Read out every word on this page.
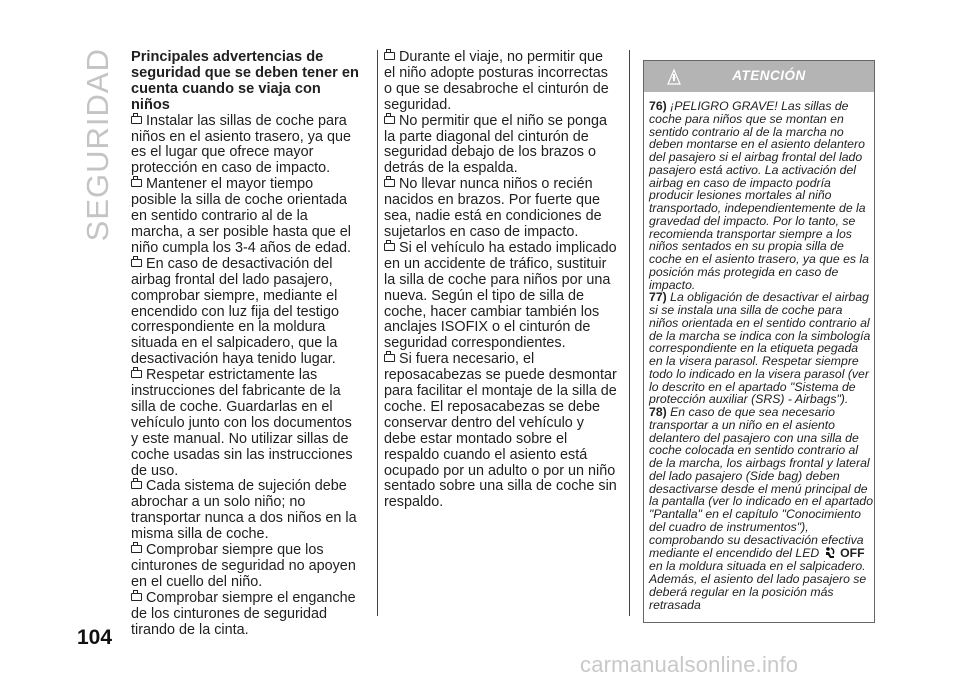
SEGURIDAD Principales advertencias de seguridad que se deben tener en cuenta cuando se viaja con niños

Instalar las sillas de coche para niños en el asiento trasero, ya que es el lugar que ofrece mayor protección en caso de impacto.

Mantener el mayor tiempo posible la silla de coche orientada en sentido contrario al de la marcha, a ser posible hasta que el niño cumpla los 3-4 años de edad.

En caso de desactivación del airbag frontal del lado pasajero, comprobar siempre, mediante el encendido con luz fija del testigo correspondiente en la moldura situada en el salpicadero, que la desactivación haya tenido lugar.

Respetar estrictamente las instrucciones del fabricante de la silla de coche. Guardarlas en el vehículo junto con los documentos y este manual. No utilizar sillas de coche usadas sin las instrucciones de uso.

Cada sistema de sujeción debe abrochar a un solo niño; no transportar nunca a dos niños en la misma silla de coche.

Comprobar siempre que los cinturones de seguridad no apoyen en el cuello del niño.

Comprobar siempre el enganche de los cinturones de seguridad tirando de la cinta.

Durante el viaje, no permitir que el niño adopte posturas incorrectas o que se desabroche el cinturón de seguridad.

No permitir que el niño se ponga la parte diagonal del cinturón de seguridad debajo de los brazos o detrás de la espalda.

No llevar nunca niños o recién nacidos en brazos. Por fuerte que sea, nadie está en condiciones de sujetarlos en caso de impacto.

Si el vehículo ha estado implicado en un accidente de tráfico, sustituir la silla de coche para niños por una nueva. Según el tipo de silla de coche, hacer cambiar también los anclajes ISOFIX o el cinturón de seguridad correspondientes.

Si fuera necesario, el reposacabezas se puede desmontar para facilitar el montaje de la silla de coche. El reposacabezas se debe conservar dentro del vehículo y debe estar montado sobre el respaldo cuando el asiento está ocupado por un adulto o por un niño sentado sobre una silla de coche sin respaldo.

ATENCIÓN

76) ¡PELIGRO GRAVE! Las sillas de coche para niños que se montan en sentido contrario al de la marcha no deben montarse en el asiento delantero del pasajero si el airbag frontal del lado pasajero está activo. La activación del airbag en caso de impacto podría producir lesiones mortales al niño transportado, independientemente de la gravedad del impacto. Por lo tanto, se recomienda transportar siempre a los niños sentados en su propia silla de coche en el asiento trasero, ya que es la posición más protegida en caso de impacto.

77) La obligación de desactivar el airbag si se instala una silla de coche para niños orientada en el sentido contrario al de la marcha se indica con la simbología correspondiente en la etiqueta pegada en la visera parasol. Respetar siempre todo lo indicado en la visera parasol (ver lo descrito en el apartado "Sistema de protección auxiliar (SRS) - Airbags").

78) En caso de que sea necesario transportar a un niño en el asiento delantero del pasajero con una silla de coche colocada en sentido contrario al de la marcha, los airbags frontal y lateral del lado pasajero (Side bag) deben desactivarse desde el menú principal de la pantalla (ver lo indicado en el apartado "Pantalla" en el capítulo "Conocimiento del cuadro de instrumentos"), comprobando su desactivación efectiva mediante el encendido del LED OFF en la moldura situada en el salpicadero. Además, el asiento del lado pasajero se deberá regular en la posición más retrasada

104
carmanualsonline.info
